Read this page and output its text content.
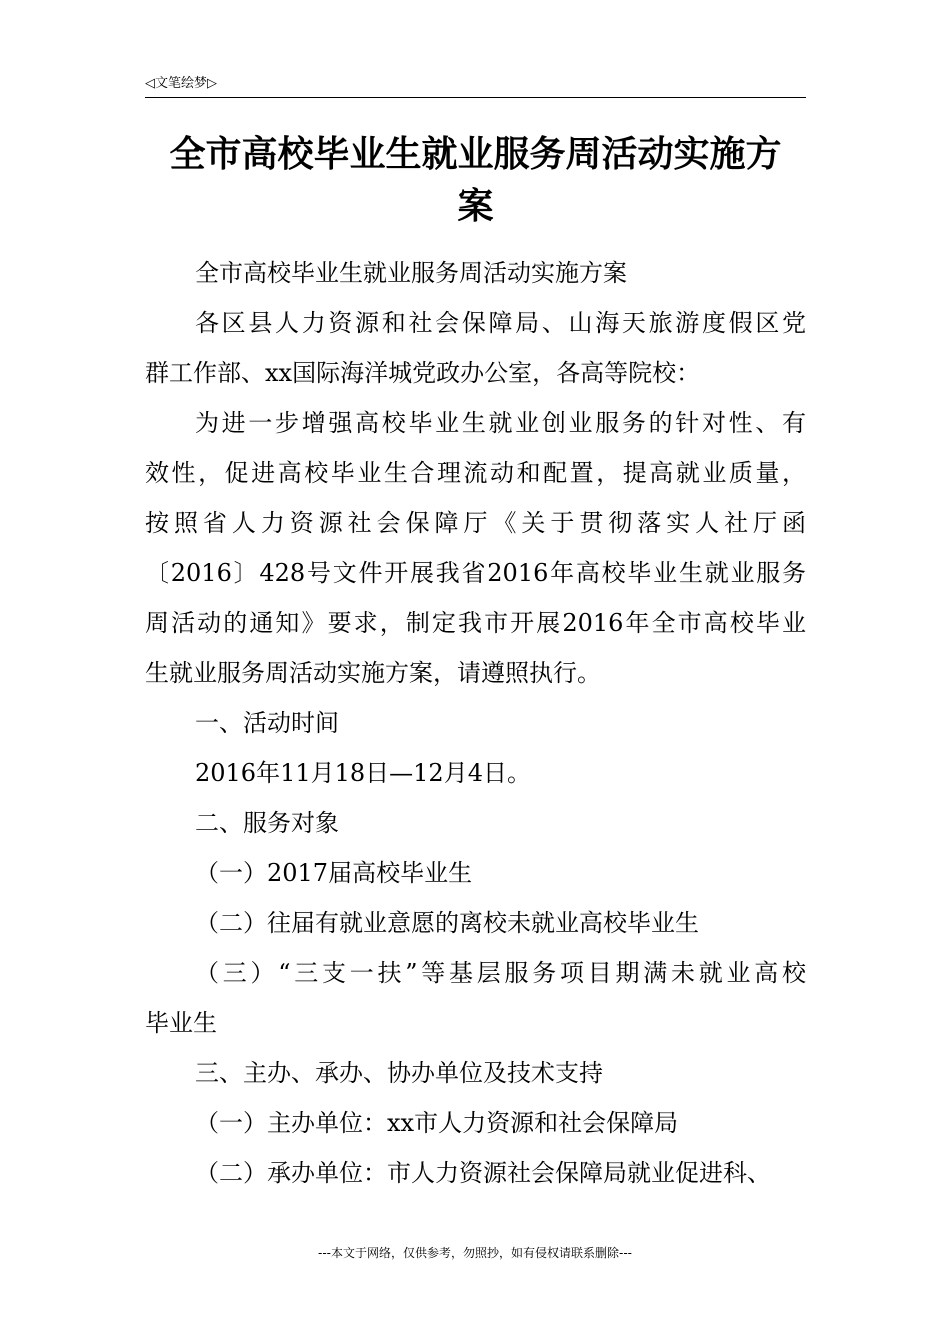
◁文笔绘梦▷
全市高校毕业生就业服务周活动实施方
案

全市高校毕业生就业服务周活动实施方案

各区县人力资源和社会保障局、山海天旅游度假区党

群工作部、xx国际海洋城党政办公室，各高等院校：

为进一步增强高校毕业生就业创业服务的针对性、有

效性，促进高校毕业生合理流动和配置，提高就业质量，

按照省人力资源社会保障厅《关于贯彻落实人社厅函

〔2016〕428号文件开展我省2016年高校毕业生就业服务

周活动的通知》要求，制定我市开展2016年全市高校毕业

生就业服务周活动实施方案，请遵照执行。

一、活动时间

2016年11月18日—12月4日。

二、服务对象

（一）2017届高校毕业生

（二）往届有就业意愿的离校未就业高校毕业生

（三）“三支一扶”等基层服务项目期满未就业高校

毕业生

三、主办、承办、协办单位及技术支持

（一）主办单位：xx市人力资源和社会保障局

（二）承办单位：市人力资源社会保障局就业促进科、

---本文于网络，仅供参考，勿照抄，如有侵权请联系删除---
